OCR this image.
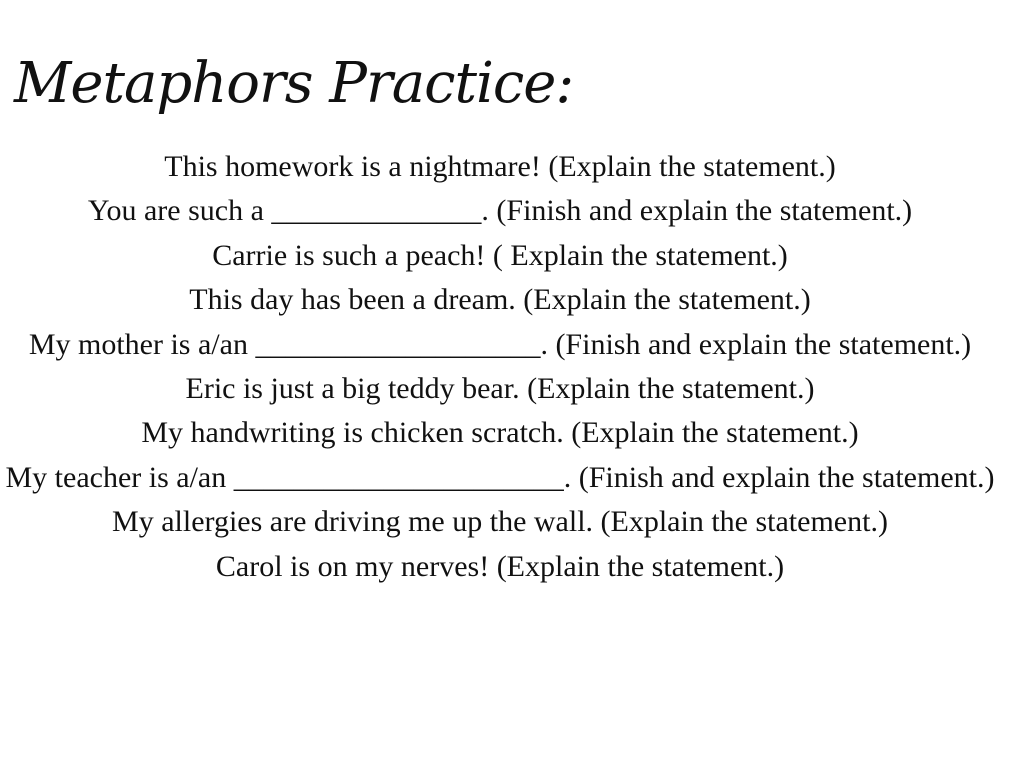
Metaphors Practice:
This homework is a nightmare! (Explain the statement.)
You are such a ______________. (Finish and explain the statement.)
Carrie is such a peach! ( Explain the statement.)
This day has been a dream. (Explain the statement.)
My mother is a/an ___________________. (Finish and explain the statement.)
Eric is just a big teddy bear. (Explain the statement.)
My handwriting is chicken scratch. (Explain the statement.)
My teacher is a/an ______________________. (Finish and explain the statement.)
My allergies are driving me up the wall. (Explain the statement.)
Carol is on my nerves! (Explain the statement.)
